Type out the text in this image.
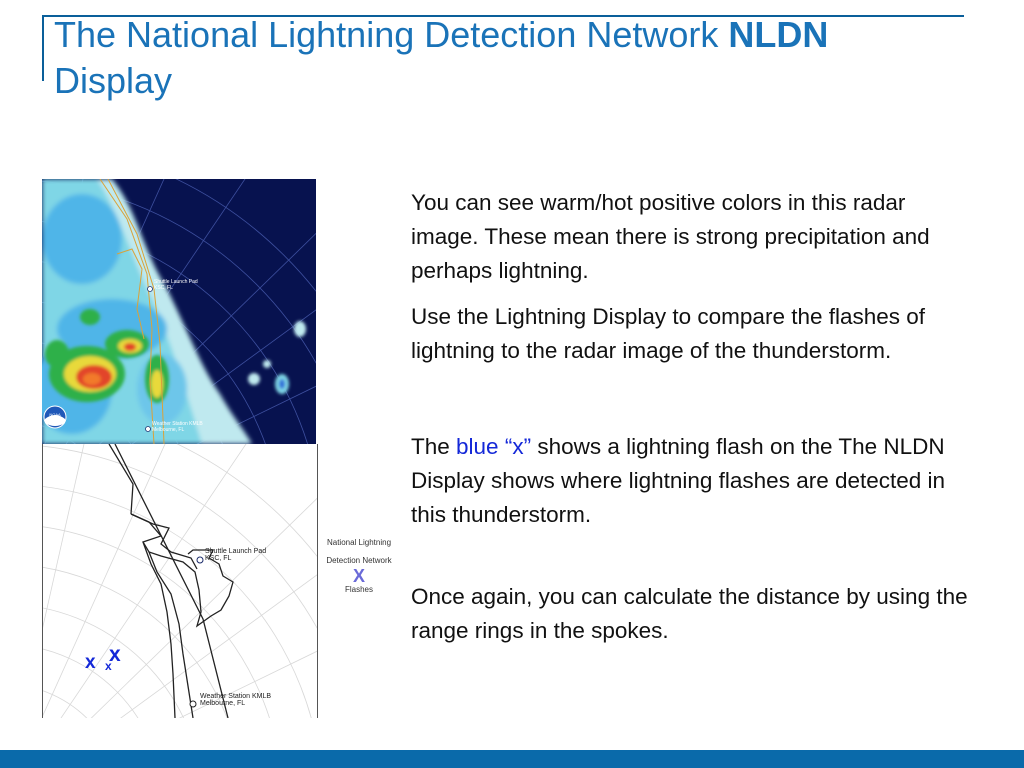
The National Lightning Detection Network NLDN
Display
Shuttle Launch Pad
KSC, FL
Weather Station KMLB
Melbourne, FL
NOAA
Shuttle Launch Pad
KSC, FL
Weather Station KMLB
Melbourne, FL
x x
x
National Lightning
Detection Network
X
Flashes

You can see warm/hot positive colors in this radar image. These mean there is strong precipitation and perhaps lightning.

Use the Lightning Display to compare the flashes of lightning to the radar image of the thunderstorm.

The blue “x” shows a lightning flash on the The NLDN Display shows where lightning flashes are detected in this thunderstorm.

Once again, you can calculate the distance by using the range rings in the spokes.
